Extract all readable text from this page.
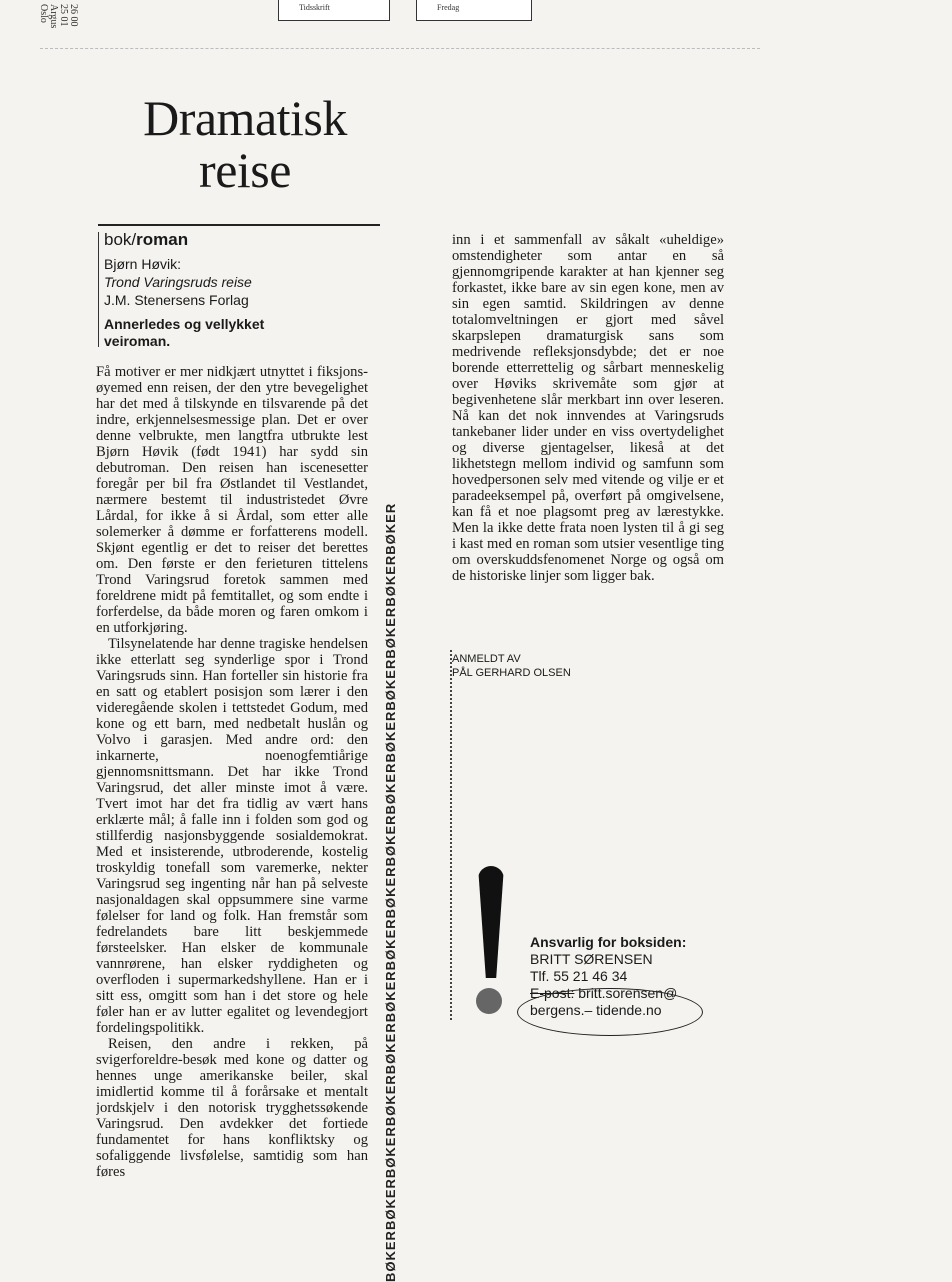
26 00
25 01
Argus
Oslo	Tidsskrift	Fredag
Dramatisk
reise
bok/roman
Bjørn Høvik:
Trond Varingsruds reise
J.M. Stenersens Forlag
Annerledes og vellykket veiroman.

Få motiver er mer nidkjært utnyttet i fiksjons-øyemed enn reisen, der den ytre bevegelighet har det med å tilskynde en tilsvarende på det indre, erkjennelsesmessige plan. Det er over denne velbrukte, men langtfra utbrukte lest Bjørn Høvik (født 1941) har sydd sin debutroman. Den reisen han iscenesetter foregår per bil fra Østlandet til Vestlandet, nærmere bestemt til industristedet Øvre Lårdal, for ikke å si Årdal, som etter alle solemerker å dømme er forfatterens modell. Skjønt egentlig er det to reiser det berettes om. Den første er den ferieturen tittelens Trond Varingsrud foretok sammen med foreldrene midt på femtitallet, og som endte i forferdelse, da både moren og faren omkom i en utforkjøring.

Tilsynelatende har denne tragiske hendelsen ikke etterlatt seg synderlige spor i Trond Varingsruds sinn. Han forteller sin historie fra en satt og etablert posisjon som lærer i den videregående skolen i tettstedet Godum, med kone og ett barn, med nedbetalt huslån og Volvo i garasjen. Med andre ord: den inkarnerte, noenogfemtiårige gjennomsnittsmann. Det har ikke Trond Varingsrud, det aller minste imot å være. Tvert imot har det fra tidlig av vært hans erklærte mål; å falle inn i folden som god og stillferdig nasjonsbyggende sosialdemokrat. Med et insisterende, utbroderende, kostelig troskyldig tonefall som varemerke, nekter Varingsrud seg ingenting når han på selveste nasjonaldagen skal oppsummere sine varme følelser for land og folk. Han fremstår som fedrelandets bare litt beskjemmede førsteelsker. Han elsker de kommunale vannrørene, han elsker ryddigheten og overfloden i supermarkedshyllene. Han er i sitt ess, omgitt som han i det store og hele føler han er av lutter egalitet og levendegjort fordelingspolitikk.

Reisen, den andre i rekken, på svigerforeldre-besøk med kone og datter og hennes unge amerikanske beiler, skal imidlertid komme til å forårsake et mentalt jordskjelv i den notorisk trygghetssøkende Varingsrud. Den avdekker det fortiede fundamentet for hans konfliktsky og sofaliggende livsfølelse, samtidig som han føres	BØKERBØKERBØKERBØKERBØKERBØKERBØKERBØKERBØKERBØKERBØKERBØKERBØKERBØKERBØKER

inn i et sammenfall av såkalt «uheldige» omstendigheter som antar en så gjennomgripende karakter at han kjenner seg forkastet, ikke bare av sin egen kone, men av sin egen samtid. Skildringen av denne totalomveltningen er gjort med såvel skarpslepen dramaturgisk sans som medrivende refleksjonsdybde; det er noe borende etterrettelig og sårbart menneskelig over Høviks skrivemåte som gjør at begivenhetene slår merkbart inn over leseren. Nå kan det nok innvendes at Varingsruds tankebaner lider under en viss overtydelighet og diverse gjentagelser, likeså at det likhetstegn mellom individ og samfunn som hovedpersonen selv med vitende og vilje er et paradeeksempel på, overført på omgivelsene, kan få et noe plagsomt preg av lærestykke. Men la ikke dette frata noen lysten til å gi seg i kast med en roman som utsier vesentlige ting om overskuddsfenomenet Norge og også om de historiske linjer som ligger bak.

ANMELDT AV
PÅL GERHARD OLSEN
Ansvarlig for boksiden:
BRITT SØRENSEN
Tlf. 55 21 46 34
E-post: britt.sorensen@
bergens.– tidende.no
